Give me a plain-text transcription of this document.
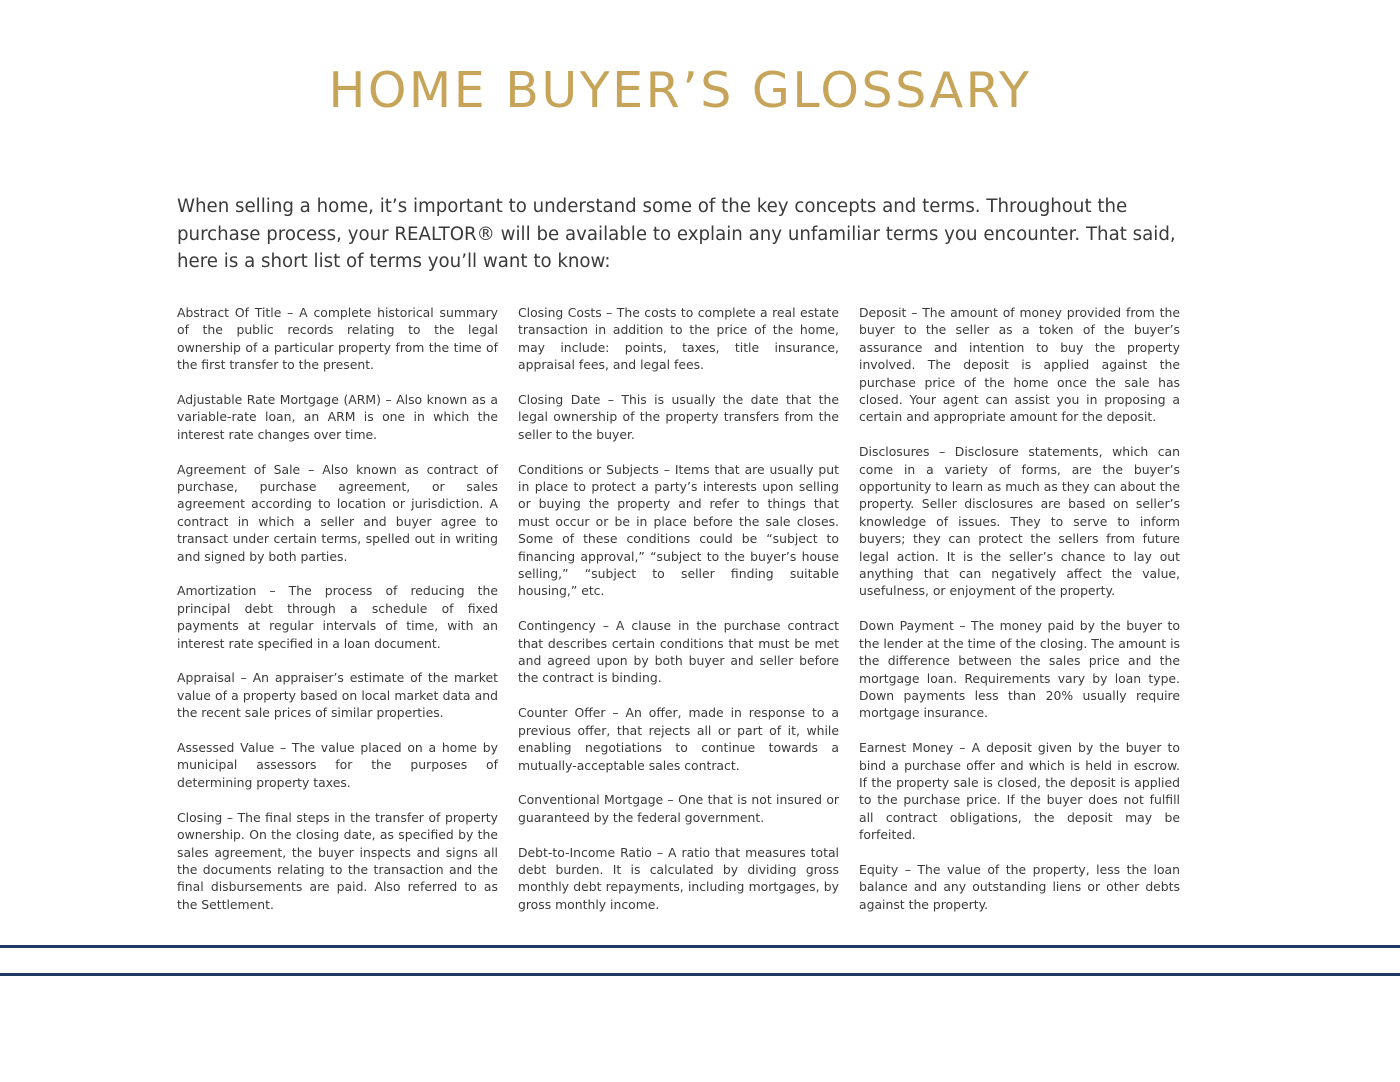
HOME BUYER’S GLOSSARY

When selling a home, it’s important to understand some of the key concepts and terms. Throughout the purchase process, your REALTOR® will be available to explain any unfamiliar terms you encounter. That said, here is a short list of terms you’ll want to know:

Abstract Of Title – A complete historical summary of the public records relating to the legal ownership of a particular property from the time of the first transfer to the present.

Adjustable Rate Mortgage (ARM) – Also known as a variable-rate loan, an ARM is one in which the interest rate changes over time.

Agreement of Sale – Also known as contract of purchase, purchase agreement, or sales agreement according to location or jurisdiction. A contract in which a seller and buyer agree to transact under certain terms, spelled out in writing and signed by both parties.

Amortization – The process of reducing the principal debt through a schedule of fixed payments at regular intervals of time, with an interest rate specified in a loan document.

Appraisal – An appraiser’s estimate of the market value of a property based on local market data and the recent sale prices of similar properties.

Assessed Value – The value placed on a home by municipal assessors for the purposes of determining property taxes.

Closing – The final steps in the transfer of property ownership. On the closing date, as specified by the sales agreement, the buyer inspects and signs all the documents relating to the transaction and the final disbursements are paid. Also referred to as the Settlement.

Closing Costs – The costs to complete a real estate transaction in addition to the price of the home, may include: points, taxes, title insurance, appraisal fees, and legal fees.

Closing Date – This is usually the date that the legal ownership of the property transfers from the seller to the buyer.

Conditions or Subjects – Items that are usually put in place to protect a party’s interests upon selling or buying the property and refer to things that must occur or be in place before the sale closes. Some of these conditions could be “subject to financing approval,” “subject to the buyer’s house selling,” “subject to seller finding suitable housing,” etc.

Contingency – A clause in the purchase contract that describes certain conditions that must be met and agreed upon by both buyer and seller before the contract is binding.

Counter Offer – An offer, made in response to a previous offer, that rejects all or part of it, while enabling negotiations to continue towards a mutually-acceptable sales contract.

Conventional Mortgage – One that is not insured or guaranteed by the federal government.

Debt-to-Income Ratio – A ratio that measures total debt burden. It is calculated by dividing gross monthly debt repayments, including mortgages, by gross monthly income.

Deposit – The amount of money provided from the buyer to the seller as a token of the buyer’s assurance and intention to buy the property involved. The deposit is applied against the purchase price of the home once the sale has closed. Your agent can assist you in proposing a certain and appropriate amount for the deposit.

Disclosures – Disclosure statements, which can come in a variety of forms, are the buyer’s opportunity to learn as much as they can about the property. Seller disclosures are based on seller’s knowledge of issues. They to serve to inform buyers; they can protect the sellers from future legal action. It is the seller’s chance to lay out anything that can negatively affect the value, usefulness, or enjoyment of the property.

Down Payment – The money paid by the buyer to the lender at the time of the closing. The amount is the difference between the sales price and the mortgage loan. Requirements vary by loan type. Down payments less than 20% usually require mortgage insurance.

Earnest Money – A deposit given by the buyer to bind a purchase offer and which is held in escrow. If the property sale is closed, the deposit is applied to the purchase price. If the buyer does not fulfill all contract obligations, the deposit may be forfeited.

Equity – The value of the property, less the loan balance and any outstanding liens or other debts against the property.
